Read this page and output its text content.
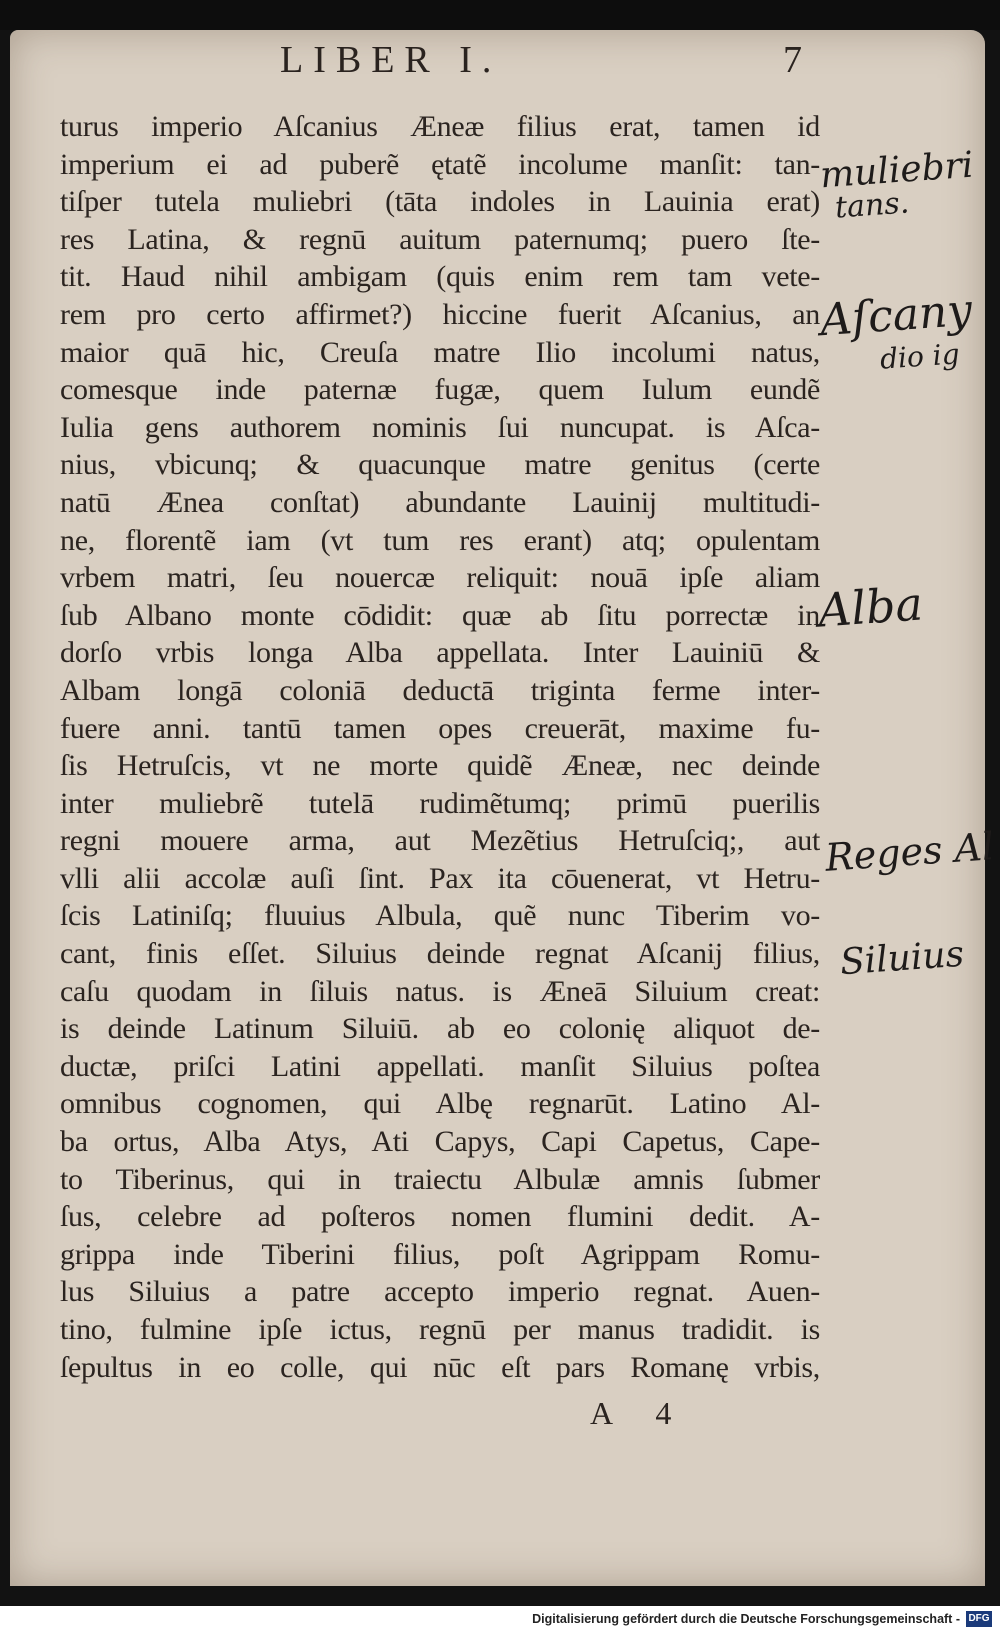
LIBER I.	7
turus imperio Aſcanius Æneæ filius erat, tamen id
imperium ei ad puberẽ ętatẽ incolume manſit: tan-
tiſper tutela muliebri (tāta indoles in Lauinia erat)
res Latina, & regnū auitum paternumq; puero ſte-
tit. Haud nihil ambigam (quis enim rem tam vete-
rem pro certo affirmet?) hiccine fuerit Aſcanius, an
maior quā hic, Creuſa matre Ilio incolumi natus,
comesque inde paternæ fugæ, quem Iulum eundẽ
Iulia gens authorem nominis ſui nuncupat. is Aſca-
nius, vbicunq; & quacunque matre genitus (certe
natū Ænea conſtat) abundante Lauinij multitudi-
ne, florentẽ iam (vt tum res erant) atq; opulentam
vrbem matri, ſeu nouercæ reliquit: nouā ipſe aliam
ſub Albano monte cōdidit: quæ ab ſitu porrectæ in
dorſo vrbis longa Alba appellata. Inter Lauiniū &
Albam longā coloniā deductā triginta ferme inter-
fuere anni. tantū tamen opes creuerāt, maxime fu-
ſis Hetruſcis, vt ne morte quidẽ Æneæ, nec deinde
inter muliebrẽ tutelā rudimẽtumq; primū puerilis
regni mouere arma, aut Mezẽtius Hetruſciq;, aut
vlli alii accolæ auſi ſint. Pax ita cōuenerat, vt Hetru-
ſcis Latiniſq; fluuius Albula, quẽ nunc Tiberim vo-
cant, finis eſſet. Siluius deinde regnat Aſcanij filius,
caſu quodam in ſiluis natus. is Æneā Siluium creat:
is deinde Latinum Siluiū. ab eo colonię aliquot de-
ductæ, priſci Latini appellati. manſit Siluius poſtea
omnibus cognomen, qui Albę regnarūt. Latino Al-
ba ortus, Alba Atys, Ati Capys, Capi Capetus, Cape-
to Tiberinus, qui in traiectu Albulæ amnis ſubmer
ſus, celebre ad poſteros nomen flumini dedit. A-
grippa inde Tiberini filius, poſt Agrippam Romu-
lus Siluius a patre accepto imperio regnat. Auen-
tino, fulmine ipſe ictus, regnū per manus tradidit. is
ſepultus in eo colle, qui nūc eſt pars Romanę vrbis,
muliebri
tans.
Aſcany
dio ig
Alba
Reges Al
Siluius
A 4
Digitalisierung gefördert durch die Deutsche Forschungsgemeinschaft - DFG
